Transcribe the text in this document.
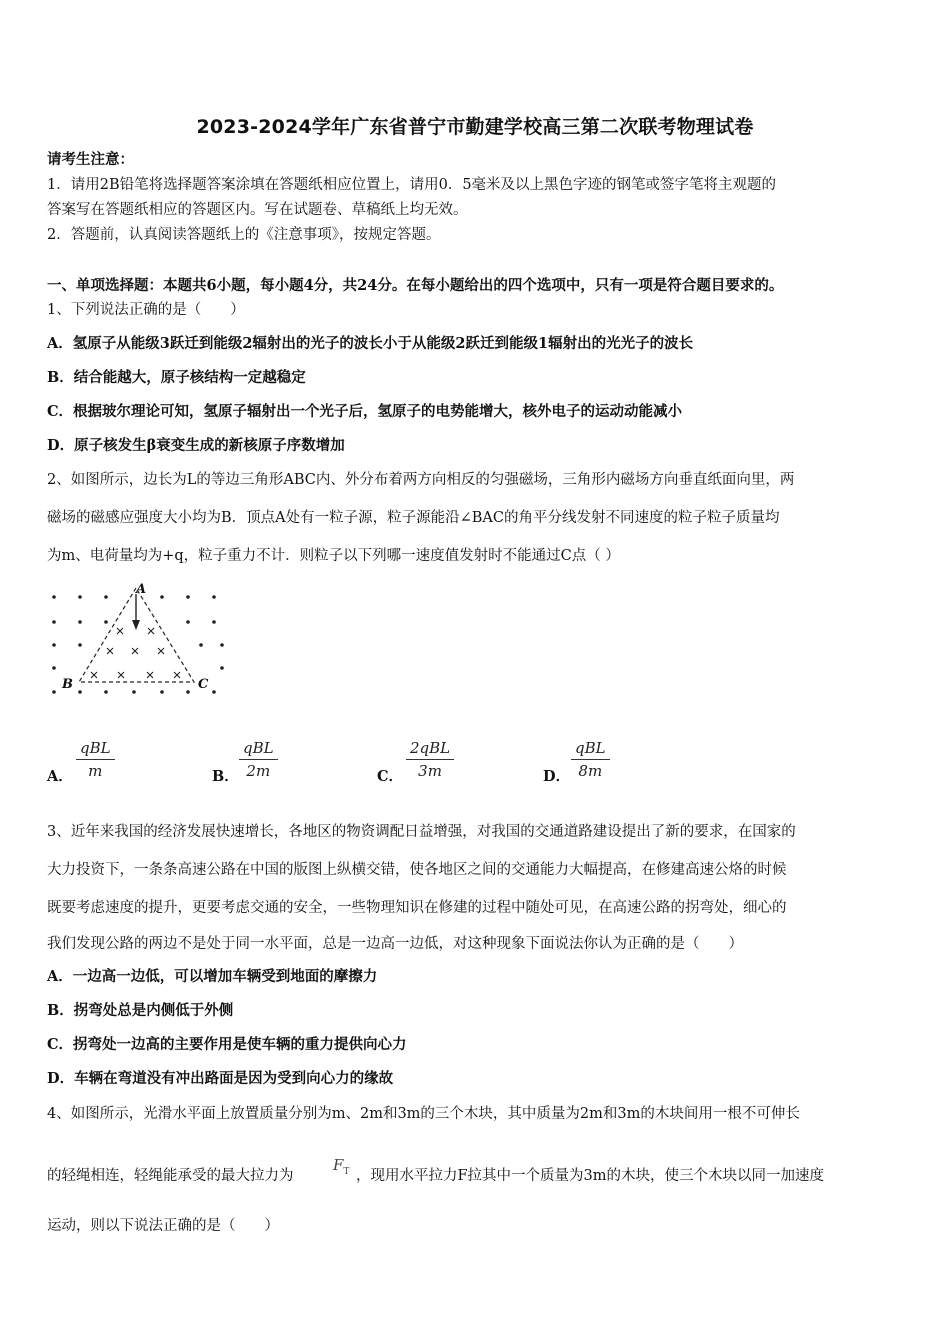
2023-2024学年广东省普宁市勤建学校高三第二次联考物理试卷
请考生注意：
1．请用2B铅笔将选择题答案涂填在答题纸相应位置上，请用0．5毫米及以上黑色字迹的钢笔或签字笔将主观题的
答案写在答题纸相应的答题区内。写在试题卷、草稿纸上均无效。
2．答题前，认真阅读答题纸上的《注意事项》，按规定答题。
一、单项选择题：本题共6小题，每小题4分，共24分。在每小题给出的四个选项中，只有一项是符合题目要求的。
1、下列说法正确的是（　　）
A．氢原子从能级3跃迁到能级2辐射出的光子的波长小于从能级2跃迁到能级1辐射出的光光子的波长
B．结合能越大，原子核结构一定越稳定
C．根据玻尔理论可知，氢原子辐射出一个光子后，氢原子的电势能增大，核外电子的运动动能减小
D．原子核发生β衰变生成的新核原子序数增加
2、如图所示，边长为L的等边三角形ABC内、外分布着两方向相反的匀强磁场，三角形内磁场方向垂直纸面向里，两
磁场的磁感应强度大小均为B．顶点A处有一粒子源，粒子源能沿∠BAC的角平分线发射不同速度的粒子粒子质量均
为m、电荷量均为+q，粒子重力不计．则粒子以下列哪一速度值发射时不能通过C点（ ）
A
B	C
A．
qBL
m	B．
qBL
2m	C．
2qBL
3m	D．
qBL
8m
3、近年来我国的经济发展快速增长，各地区的物资调配日益增强，对我国的交通道路建设提出了新的要求，在国家的
大力投资下，一条条高速公路在中国的版图上纵横交错，使各地区之间的交通能力大幅提高，在修建高速公烙的时候
既要考虑速度的提升，更要考虑交通的安全，一些物理知识在修建的过程中随处可见，在高速公路的拐弯处，细心的
我们发现公路的两边不是处于同一水平面，总是一边高一边低，对这种现象下面说法你认为正确的是（　　）
A．一边高一边低，可以增加车辆受到地面的摩擦力
B．拐弯处总是内侧低于外侧
C．拐弯处一边高的主要作用是使车辆的重力提供向心力
D．车辆在弯道没有冲出路面是因为受到向心力的缘故
4、如图所示，光滑水平面上放置质量分别为m、2m和3m的三个木块，其中质量为2m和3m的木块间用一根不可伸长
的轻绳相连，轻绳能承受的最大拉力为
$F_T$ ，现用水平拉力F拉其中一个质量为3m的木块，使三个木块以同一加速度
运动，则以下说法正确的是（　　）
